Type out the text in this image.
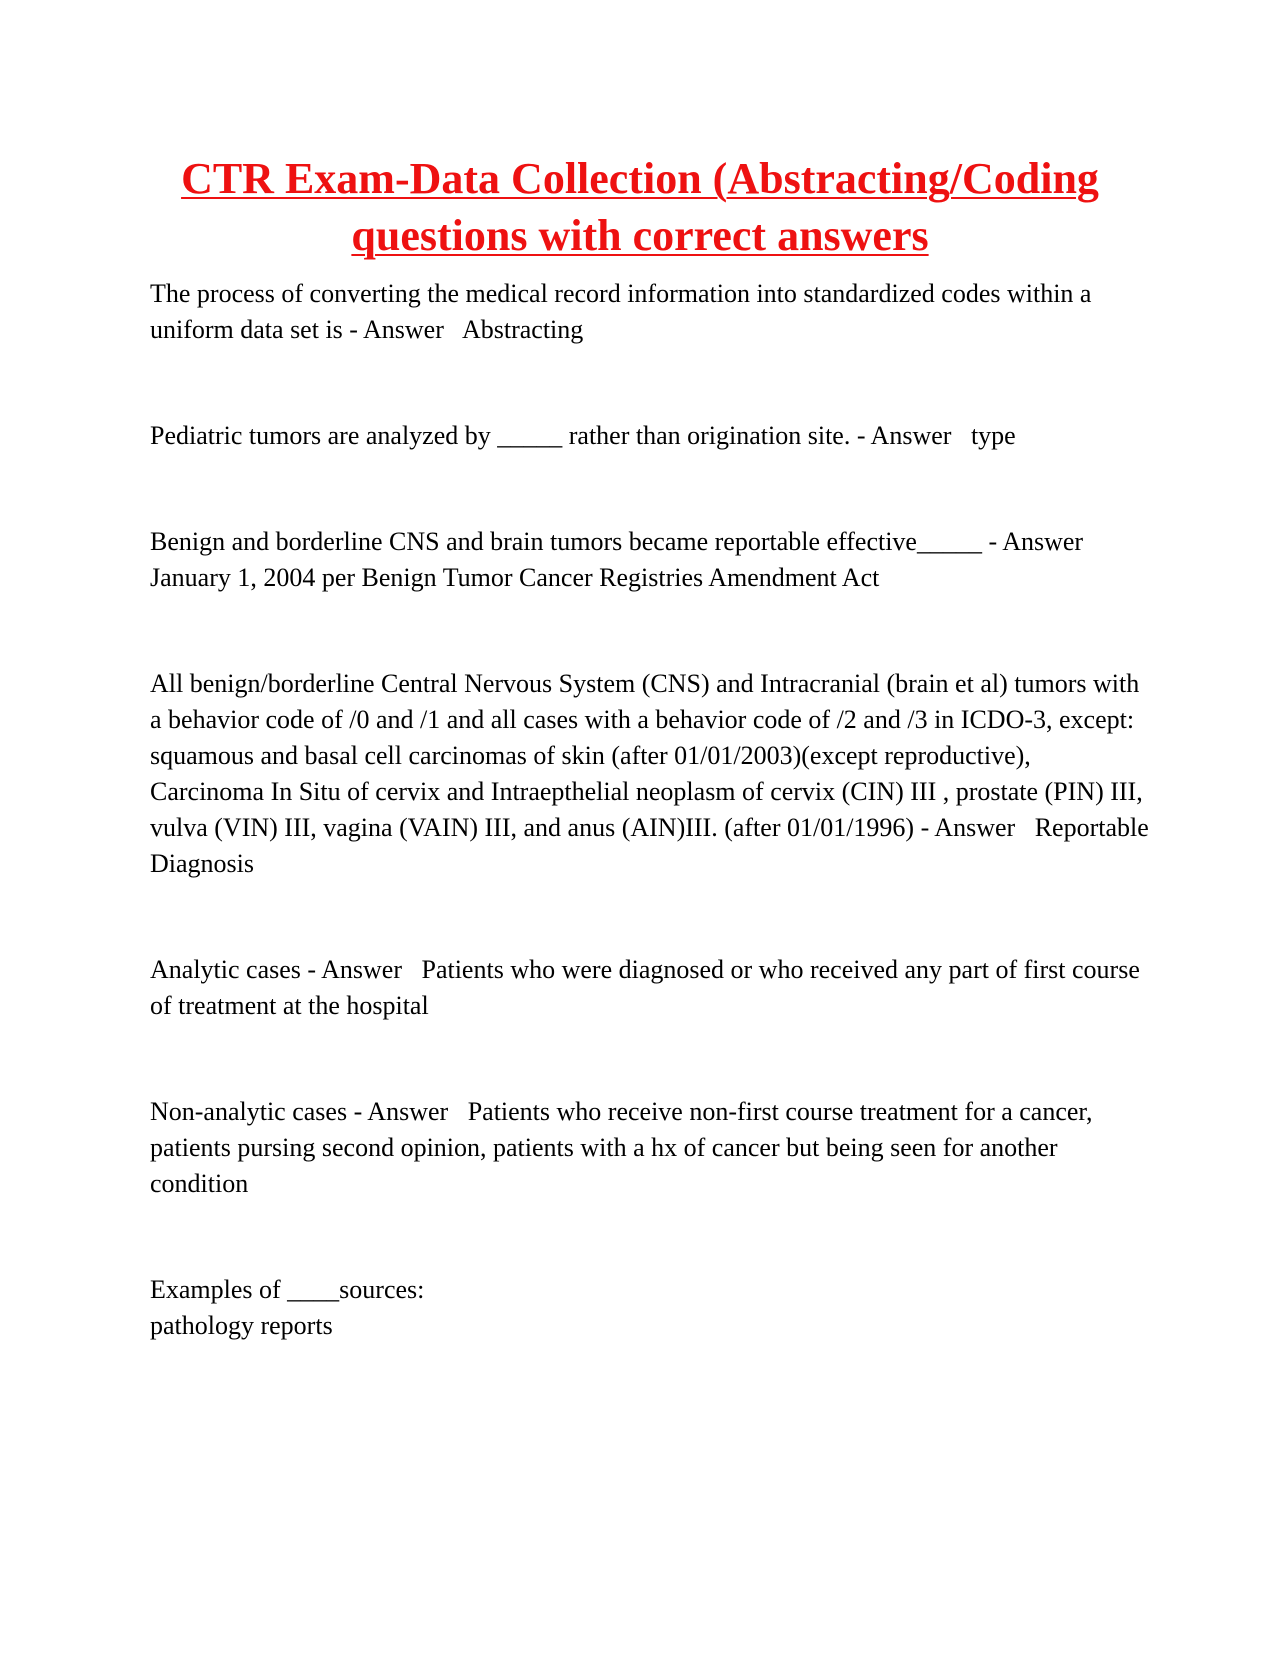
CTR Exam-Data Collection (Abstracting/Coding questions with correct answers

The process of converting the medical record information into standardized codes within a uniform data set is - Answer Abstracting

Pediatric tumors are analyzed by _____ rather than origination site. - Answer type

Benign and borderline CNS and brain tumors became reportable effective_____ - Answer   January 1, 2004 per Benign Tumor Cancer Registries Amendment Act

All benign/borderline Central Nervous System (CNS) and Intracranial (brain et al) tumors with a behavior code of /0 and /1 and all cases with a behavior code of /2 and /3 in ICDO-3, except:

squamous and basal cell carcinomas of skin (after 01/01/2003)(except reproductive),

Carcinoma In Situ of cervix and Intraepthelial neoplasm of cervix (CIN) III , prostate (PIN) III, vulva (VIN) III, vagina (VAIN) III, and anus (AIN)III. (after 01/01/1996) - Answer Reportable Diagnosis

Analytic cases - Answer Patients who were diagnosed or who received any part of first course of treatment at the hospital

Non-analytic cases - Answer Patients who receive non-first course treatment for a cancer, patients pursing second opinion, patients with a hx of cancer but being seen for another condition

Examples of ____sources:

pathology reports
